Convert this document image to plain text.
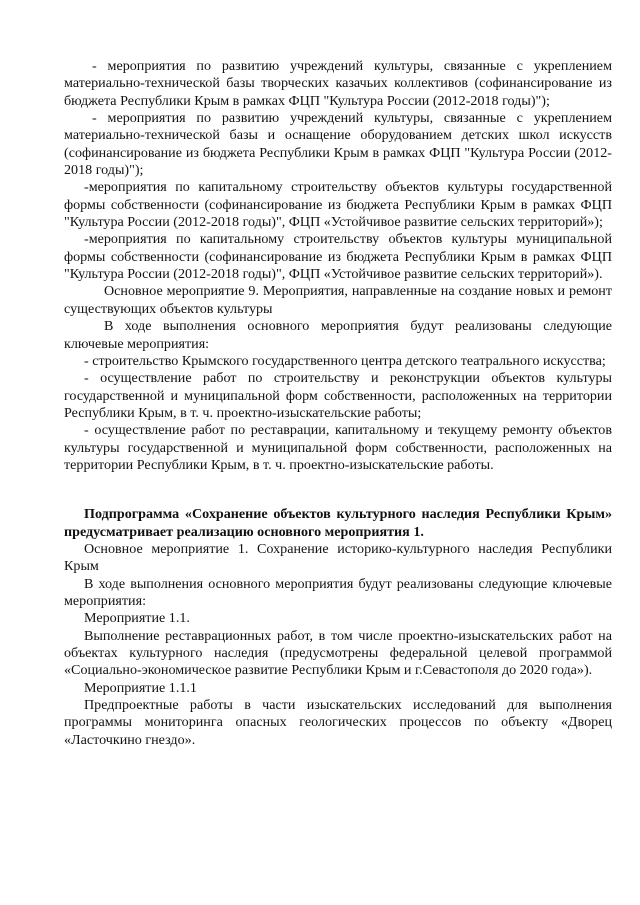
- мероприятия по развитию учреждений культуры, связанные с укреплением материально-технической базы творческих казачьих коллективов (софинансирование из бюджета Республики Крым в рамках ФЦП "Культура России (2012-2018 годы)");

- мероприятия по развитию учреждений культуры, связанные с укреплением материально-технической базы и оснащение оборудованием детских школ искусств (софинансирование из бюджета Республики Крым в рамках ФЦП "Культура России (2012-2018 годы)");

-мероприятия по капитальному строительству объектов культуры государственной формы собственности (софинансирование из бюджета Республики Крым в рамках ФЦП "Культура России (2012-2018 годы)", ФЦП «Устойчивое развитие сельских территорий»);

-мероприятия по капитальному строительству объектов культуры муниципальной формы собственности (софинансирование из бюджета Республики Крым в рамках ФЦП "Культура России (2012-2018 годы)", ФЦП «Устойчивое развитие сельских территорий»).

Основное мероприятие 9. Мероприятия, направленные на создание новых и ремонт существующих объектов культуры

В ходе выполнения основного мероприятия будут реализованы следующие ключевые мероприятия:

- строительство Крымского государственного центра детского театрального искусства;

- осуществление работ по строительству и реконструкции объектов культуры государственной и муниципальной форм собственности, расположенных на территории Республики Крым, в т. ч. проектно-изыскательские работы;

- осуществление работ по реставрации, капитальному и текущему ремонту объектов культуры государственной и муниципальной форм собственности, расположенных на территории Республики Крым, в т. ч. проектно-изыскательские работы.

Подпрограмма «Сохранение объектов культурного наследия Республики Крым» предусматривает реализацию основного мероприятия 1.

Основное мероприятие 1. Сохранение историко-культурного наследия Республики Крым

В ходе выполнения основного мероприятия будут реализованы следующие ключевые мероприятия:

Мероприятие 1.1.

Выполнение реставрационных работ, в том числе проектно-изыскательских работ на объектах культурного наследия (предусмотрены федеральной целевой программой «Социально-экономическое развитие Республики Крым и г.Севастополя до 2020 года»).

Мероприятие 1.1.1

Предпроектные работы в части изыскательских исследований для выполнения программы мониторинга опасных геологических процессов по объекту «Дворец «Ласточкино гнездо».
